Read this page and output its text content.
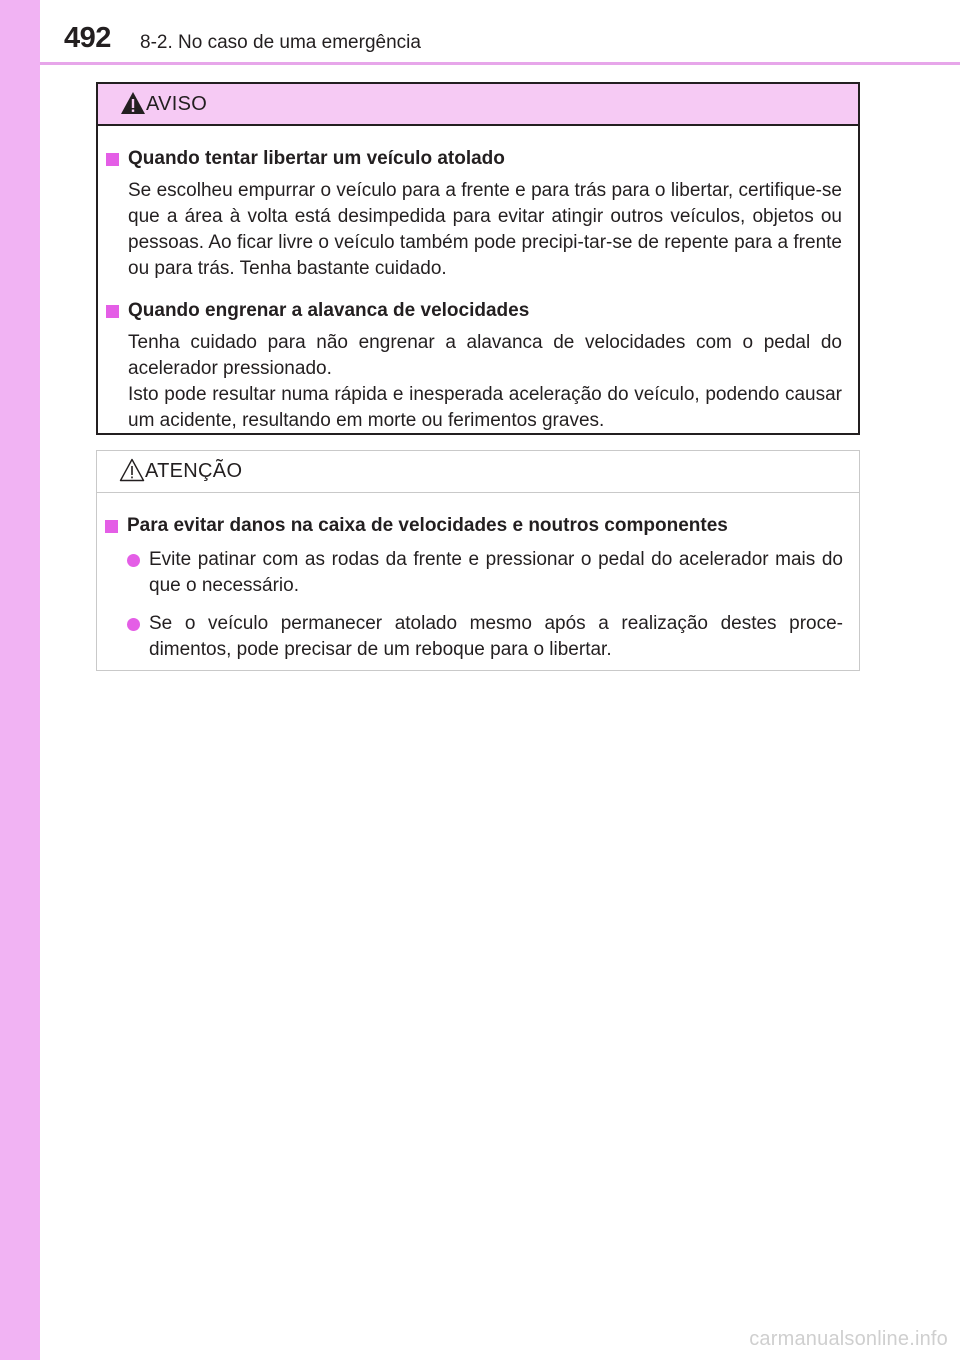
492 8-2. No caso de uma emergência
AVISO
Quando tentar libertar um veículo atolado
Se escolheu empurrar o veículo para a frente e para trás para o libertar, certifique-se que a área à volta está desimpedida para evitar atingir outros veículos, objetos ou pessoas. Ao ficar livre o veículo também pode precipi-tar-se de repente para a frente ou para trás. Tenha bastante cuidado.
Quando engrenar a alavanca de velocidades
Tenha cuidado para não engrenar a alavanca de velocidades com o pedal do acelerador pressionado.
Isto pode resultar numa rápida e inesperada aceleração do veículo, podendo causar um acidente, resultando em morte ou ferimentos graves.
ATENÇÃO
Para evitar danos na caixa de velocidades e noutros componentes
Evite patinar com as rodas da frente e pressionar o pedal do acelerador mais do que o necessário.
Se o veículo permanecer atolado mesmo após a realização destes proce-dimentos, pode precisar de um reboque para o libertar.
carmanualsonline.info
